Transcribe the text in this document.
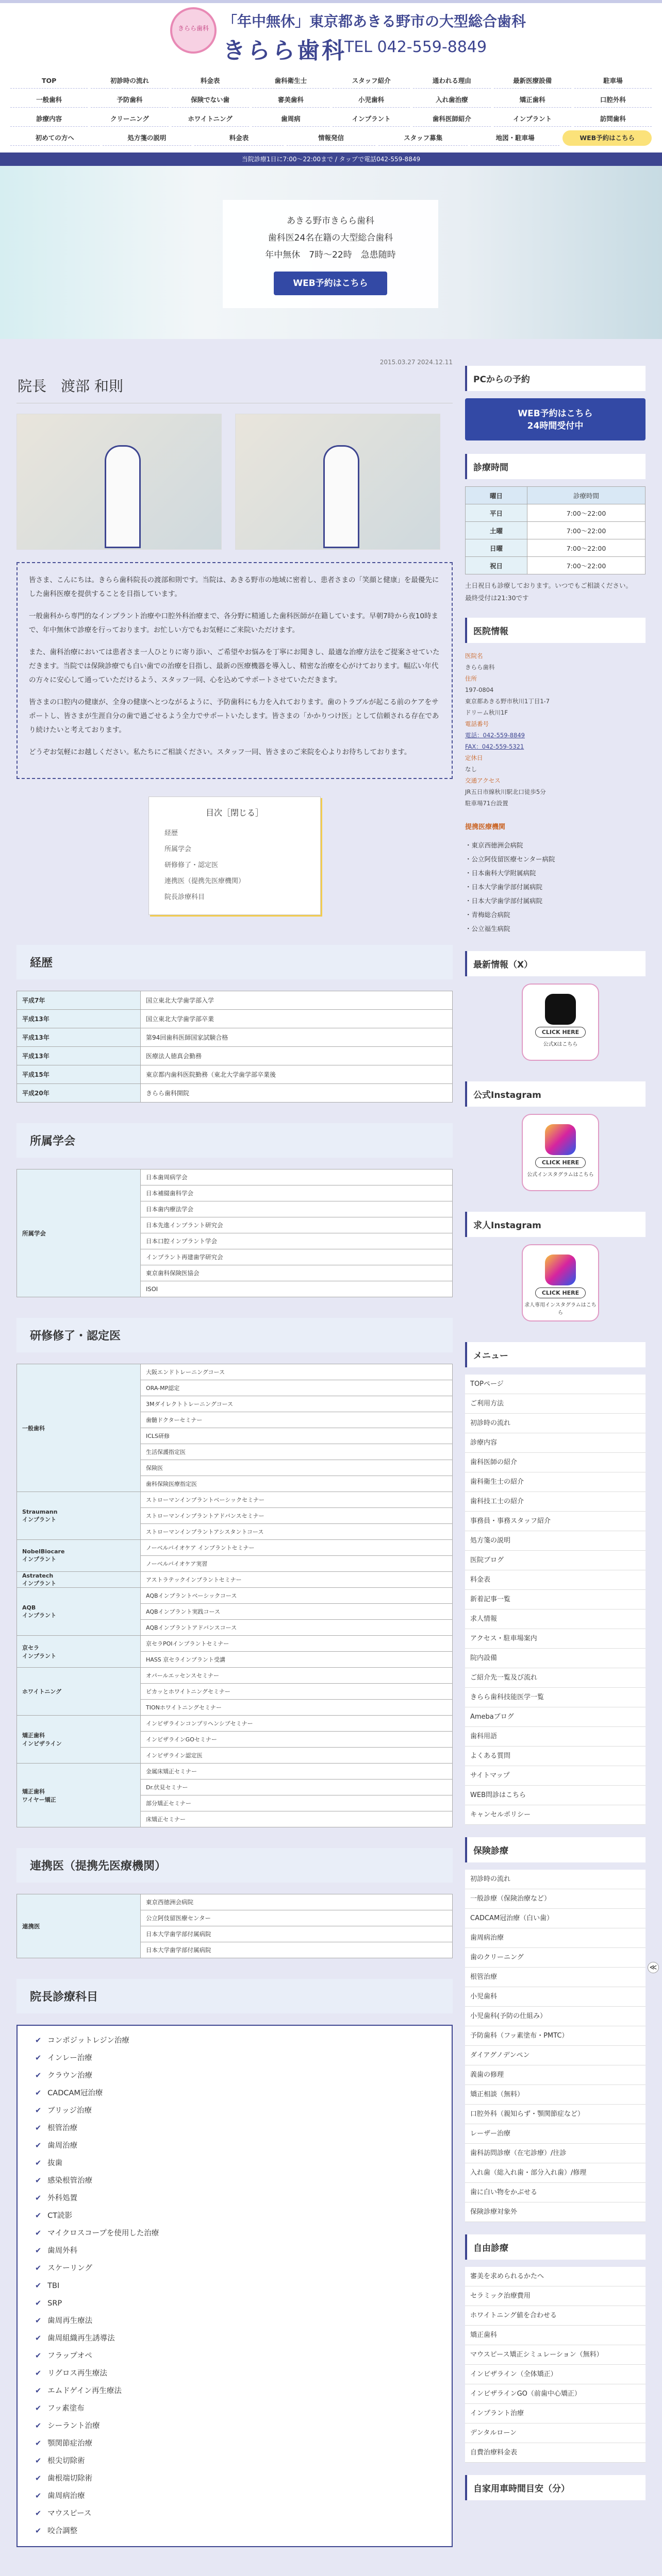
きらら歯科 「年中無休」東京都あきる野市の大型総合歯科
きらら歯科
TEL 042-559-8849
TOP	初診時の流れ	料金表	歯科衛生士	スタッフ紹介	通われる理由	最新医療設備	駐車場
一般歯科	予防歯科	保険でない歯	審美歯科	小児歯科	入れ歯治療	矯正歯科	口腔外科
診療内容	クリーニング	ホワイトニング	歯周病	インプラント	歯科医師紹介	インプラント	訪問歯科
初めての方へ	処方箋の説明	料金表	情報発信	スタッフ募集	地図・駐車場	WEB予約はこちら
当院診療1日に7:00～22:00まで / タップで電話042-559-8849
あきる野市きらら歯科
歯科医24名在籍の大型総合歯科
年中無休　7時〜22時　急患随時
WEB予約はこちら
2015.03.27 2024.12.11
院長　渡部 和則

皆さま、こんにちは。きらら歯科院長の渡部和則です。当院は、あきる野市の地域に密着し、患者さまの「笑顔と健康」を最優先にした歯科医療を提供することを目指しています。

一般歯科から専門的なインプラント治療や口腔外科治療まで、各分野に精通した歯科医師が在籍しています。早朝7時から夜10時まで、年中無休で診療を行っております。お忙しい方でもお気軽にご来院いただけます。

また、歯科治療においては患者さま一人ひとりに寄り添い、ご希望やお悩みを丁寧にお聞きし、最適な治療方法をご提案させていただきます。当院では保険診療でも白い歯での治療を目指し、最新の医療機器を導入し、精密な治療を心がけております。幅広い年代の方々に安心して通っていただけるよう、スタッフ一同、心を込めてサポートさせていただきます。

皆さまの口腔内の健康が、全身の健康へとつながるように、予防歯科にも力を入れております。歯のトラブルが起こる前のケアをサポートし、皆さまが生涯自分の歯で過ごせるよう全力でサポートいたします。皆さまの「かかりつけ医」として信頼される存在であり続けたいと考えております。

どうぞお気軽にお越しください。私たちにご相談ください。スタッフ一同、皆さまのご来院を心よりお待ちしております。

目次［閉じる］
経歴
所属学会
研修修了・認定医
連携医（提携先医療機関）
院長診療科目
経歴
平成7年	国立東北大学歯学部入学
平成13年	国立東北大学歯学部卒業
平成13年	第94回歯科医師国家試験合格
平成13年	医療法人徳真会勤務
平成15年	東京都内歯科医院勤務（東北大学歯学部卒業後
平成20年	きらら歯科開院
所属学会
所属学会	日本歯周病学会
日本補綴歯科学会
日本歯内療法学会
日本先進インプラント研究会
日本口腔インプラント学会
インプラント再建歯学研究会
東京歯科保険医協会
ISOI
研修修了・認定医
一般歯科	大阪エンドトレーニングコース
	ORA-MP認定
	3Mダイレクトトレーニングコース
	歯髄ドクターセミナー
	ICLS研修
	生活保護指定医
	保険医
	歯科保険医療指定医
Straumann
インプラント	ストローマンインプラントベーシックセミナー
	ストローマンインプラントアドバンスセミナー
	ストローマンインプラントアシスタントコース
NobelBiocare
インプラント	ノーベルバイオケア インプラントセミナー
	ノーベルバイオケア実習
Astratech
インプラント	アストラテックインプラントセミナー
AQB
インプラント	AQBインプラントベーシックコース
	AQBインプラント実践コース
	AQBインプラントアドバンスコース
京セラ
インプラント	京セラPOIインプラントセミナー
	HASS 京セラインプラント受講
ホワイトニング	オパールエッセンスセミナー
	ピカッとホワイトニングセミナー
	TIONホワイトニングセミナー
矯正歯科
インビザライン	インビザラインコンプリヘンシブセミナー
	インビザラインGOセミナー
	インビザライン認定医
矯正歯科
ワイヤー矯正	金属床矯正セミナー
	Dr.伏見セミナー
	部分矯正セミナー
	床矯正セミナー
連携医（提携先医療機関）
連携医	東京西徳洲会病院
公立阿伎留医療センター
日本大学歯学部付属病院
日本大学歯学部付属病院
院長診療科目
✔ コンポジットレジン治療
✔ インレー治療
✔ クラウン治療
✔ CADCAM冠治療
✔ ブリッジ治療
✔ 根管治療
✔ 歯周治療
✔ 抜歯
✔ 感染根管治療
✔ 外科処置
✔ CT読影
✔ マイクロスコープを使用した治療
✔ 歯周外科
✔ スケーリング
✔ TBI
✔ SRP
✔ 歯周再生療法
✔ 歯周組織再生誘導法
✔ フラップオペ
✔ リグロス再生療法
✔ エムドゲイン再生療法
✔ フッ素塗布
✔ シーラント治療
✔ 顎関節症治療
✔ 根尖切除術
✔ 歯根端切除術
✔ 歯周病治療
✔ マウスピース
✔ 咬合調整
PCからの予約
WEB予約はこちら
24時間受付中
診療時間
曜日	診療時間
平日	7:00～22:00
土曜	7:00～22:00
日曜	7:00～22:00
祝日	7:00～22:00
土日祝日も診療しております。いつでもご相談ください。
最終受付は21:30です
医院情報
医院名
きらら歯科
住所
197-0804
東京都あきる野市秋川1丁目1-7
ドリーム秋川1F
電話番号
電話：042-559-8849
FAX：042-559-5321
定休日
なし
交通アクセス
JR五日市線秋川駅北口徒歩5分
駐車場71台設置
提携医療機関
・ 東京西徳洲会病院
・ 公立阿伎留医療センター病院
・ 日本歯科大学附属病院
・ 日本大学歯学部付属病院
・ 日本大学歯学部付属病院
・ 青梅総合病院
・ 公立福生病院
最新情報（X）
CLICK HERE
公式Xはこちら
公式Instagram
CLICK HERE
公式インスタグラムはこちら
求人Instagram
CLICK HERE
求人専用インスタグラムはこちら
メニュー
TOPページ
ご利用方法
初診時の流れ
診療内容
歯科医師の紹介
歯科衛生士の紹介
歯科技工士の紹介
事務員・事務スタッフ紹介
処方箋の説明
医院ブログ
料金表
新着記事一覧
求人情報
アクセス・駐車場案内
院内設備
ご紹介先一覧及び流れ
きらら歯科技能医学一覧
Amebaブログ
歯科用語
よくある質問
サイトマップ
WEB問診はこちら
キャンセルポリシー
保険診療
初診時の流れ
一般診療（保険治療など）
CADCAM冠治療（白い歯）
歯周病治療
歯のクリーニング
根管治療
小児歯科
小児歯科(予防の仕組み）
予防歯科（フッ素塗布・PMTC）
ダイアグノデンペン
義歯の修理
矯正相談（無料）
口腔外科（親知らず・顎関節症など）
レーザー治療
歯科訪問診療（在宅診療）/往診
入れ歯（総入れ歯・部分入れ歯）/修理
歯に白い物をかぶせる
保険診療対象外
自由診療
審美を求められるかたへ
セラミック治療費用
ホワイトニング値を合わせる
矯正歯科
マウスピース矯正シミュレーション（無料）
インビザライン（全体矯正）
インビザラインGO（前歯中心矯正）
インプラント治療
デンタルローン
自費治療料金表
自家用車時間目安（分）
≪
